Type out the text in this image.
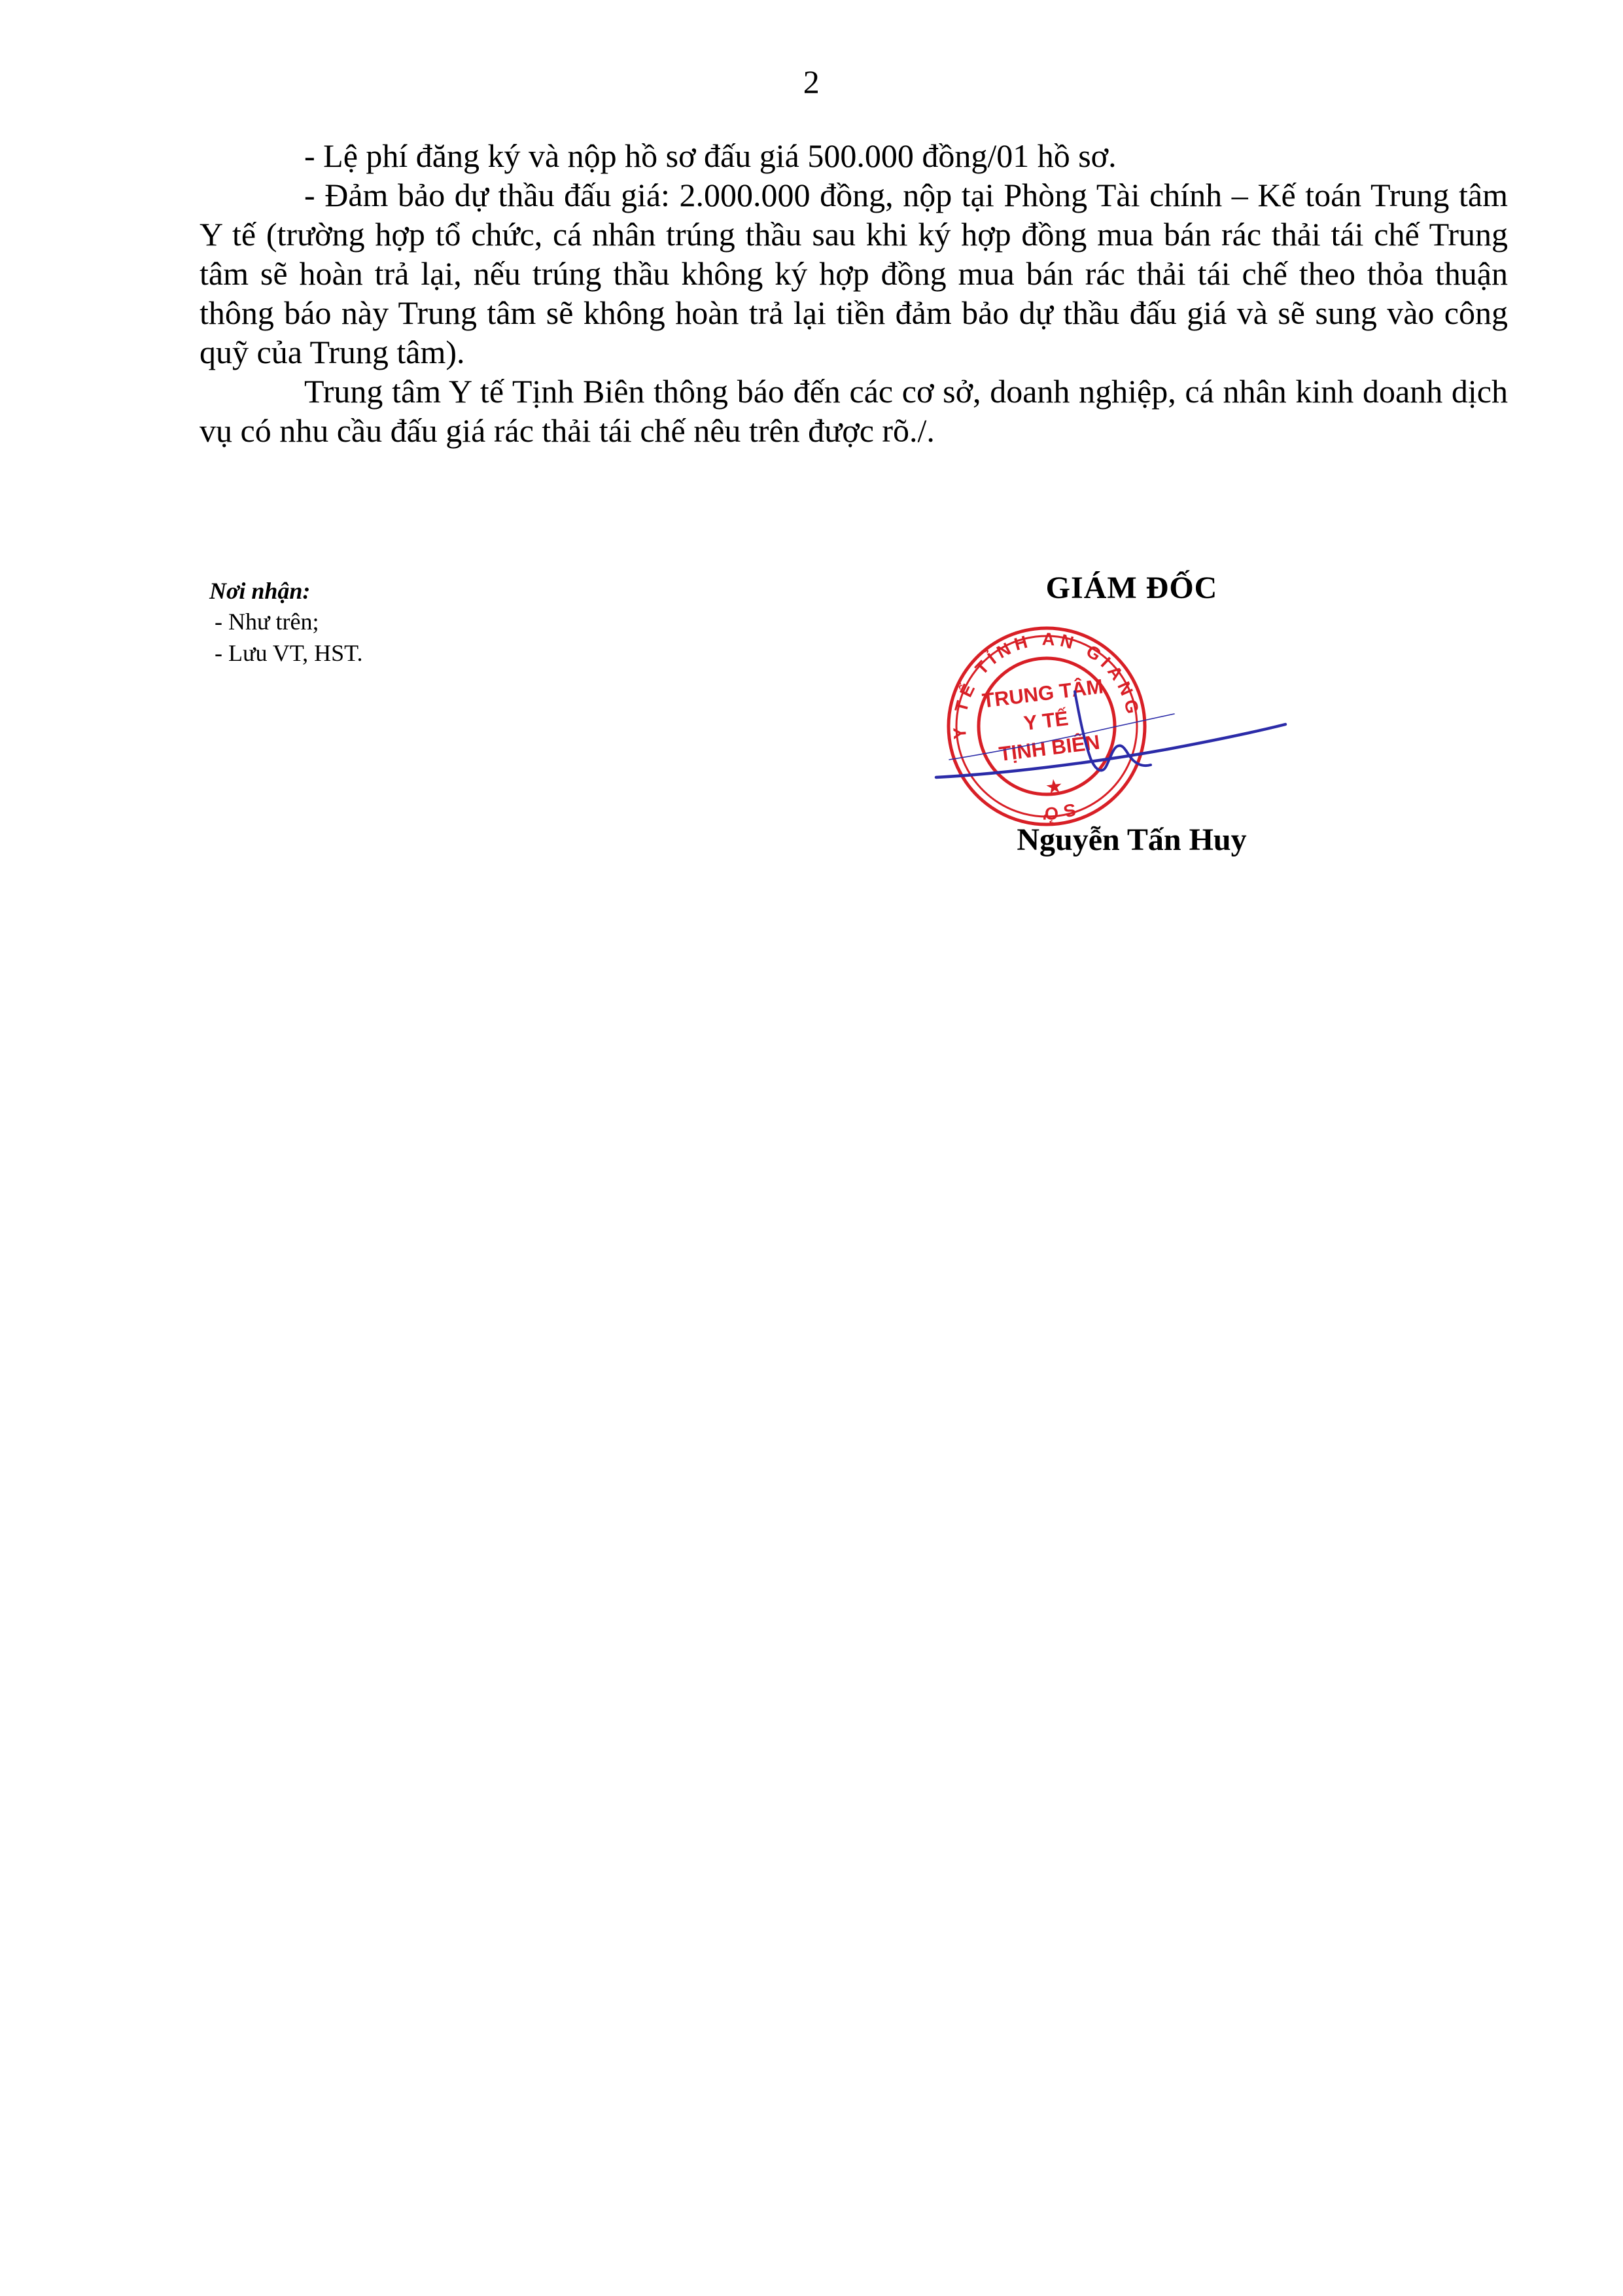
2

- Lệ phí đăng ký và nộp hồ sơ đấu giá 500.000 đồng/01 hồ sơ.

- Đảm bảo dự thầu đấu giá: 2.000.000 đồng, nộp tại Phòng Tài chính – Kế toán Trung tâm Y tế (trường hợp tổ chức, cá nhân trúng thầu sau khi ký hợp đồng mua bán rác thải tái chế Trung tâm sẽ hoàn trả lại, nếu trúng thầu không ký hợp đồng mua bán rác thải tái chế theo thỏa thuận thông báo này Trung tâm sẽ không hoàn trả lại tiền đảm bảo dự thầu đấu giá và sẽ sung vào công quỹ của Trung tâm).

Trung tâm Y tế Tịnh Biên thông báo đến các cơ sở, doanh nghiệp, cá nhân kinh doanh dịch vụ có nhu cầu đấu giá rác thải tái chế nêu trên được rõ./.

Nơi nhận:
- Như trên;
- Lưu VT, HST.
GIÁM ĐỐC
Y TẾ TỈNH AN GIANG
SỞ
TRUNG TÂM
Y TẾ
TỊNH BIÊN
★
Nguyễn Tấn Huy
